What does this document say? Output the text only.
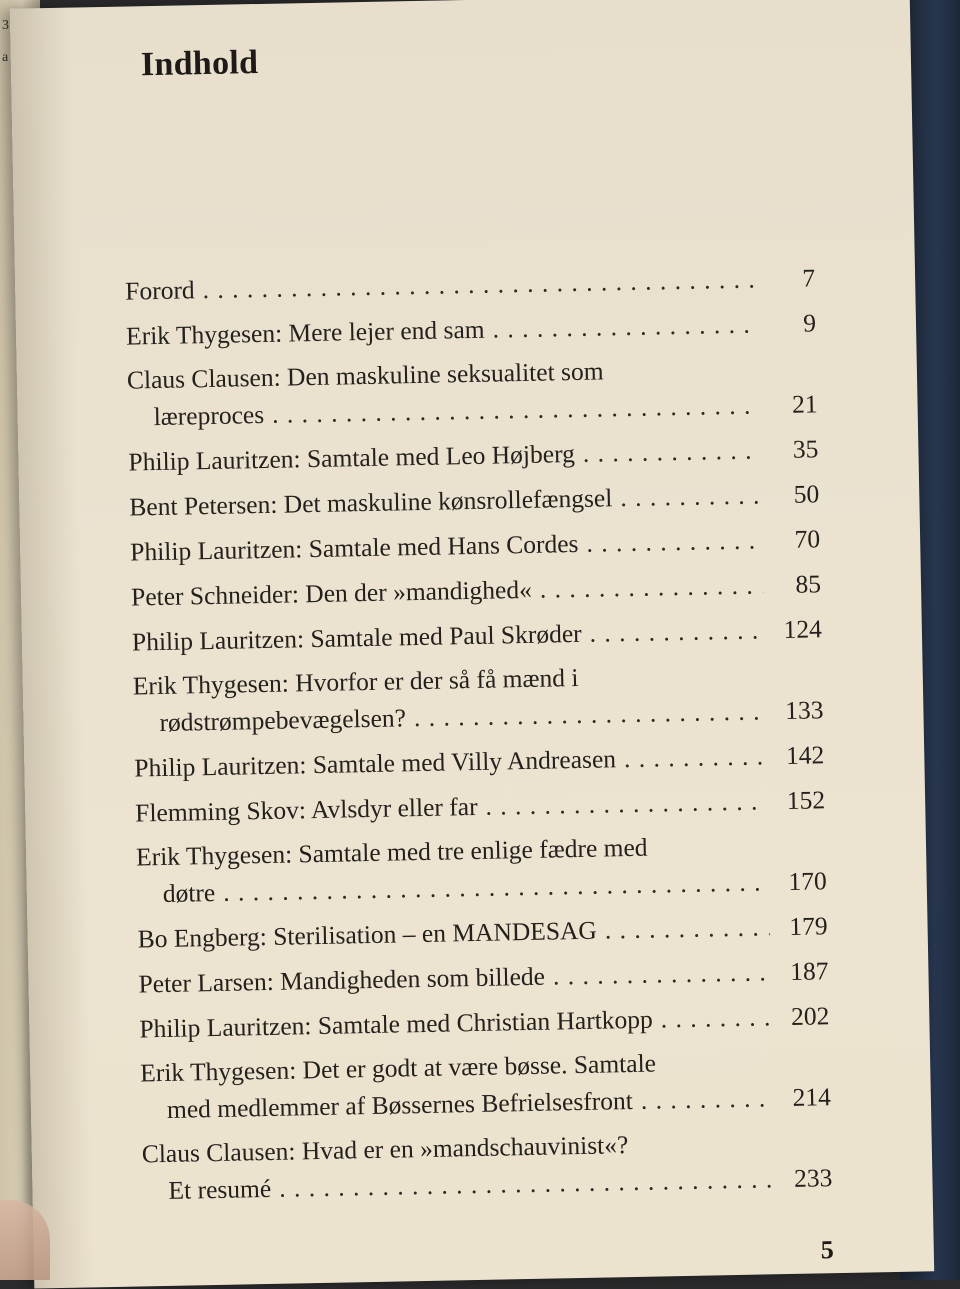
3
a	Indhold
Forord . . .	7
Erik Thygesen: Mere lejer end sam . . .	9
Claus Clausen: Den maskuline seksualitet som
læreproces . . .	21
Philip Lauritzen: Samtale med Leo Højberg . . .	35
Bent Petersen: Det maskuline kønsrollefængsel . . .	50
Philip Lauritzen: Samtale med Hans Cordes . . .	70
Peter Schneider: Den der »mandighed« . . .	85
Philip Lauritzen: Samtale med Paul Skrøder . . .	124
Erik Thygesen: Hvorfor er der så få mænd i
rødstrømpebevægelsen? . . .	133
Philip Lauritzen: Samtale med Villy Andreasen . . .	142
Flemming Skov: Avlsdyr eller far . . .	152
Erik Thygesen: Samtale med tre enlige fædre med
døtre . . .	170
Bo Engberg: Sterilisation – en MANDESAG . . .	179
Peter Larsen: Mandigheden som billede . . .	187
Philip Lauritzen: Samtale med Christian Hartkopp . . .	202
Erik Thygesen: Det er godt at være bøsse. Samtale
med medlemmer af Bøssernes Befrielsesfront . . .	214
Claus Clausen: Hvad er en »mandschauvinist«?
Et resumé . . .	233
5
